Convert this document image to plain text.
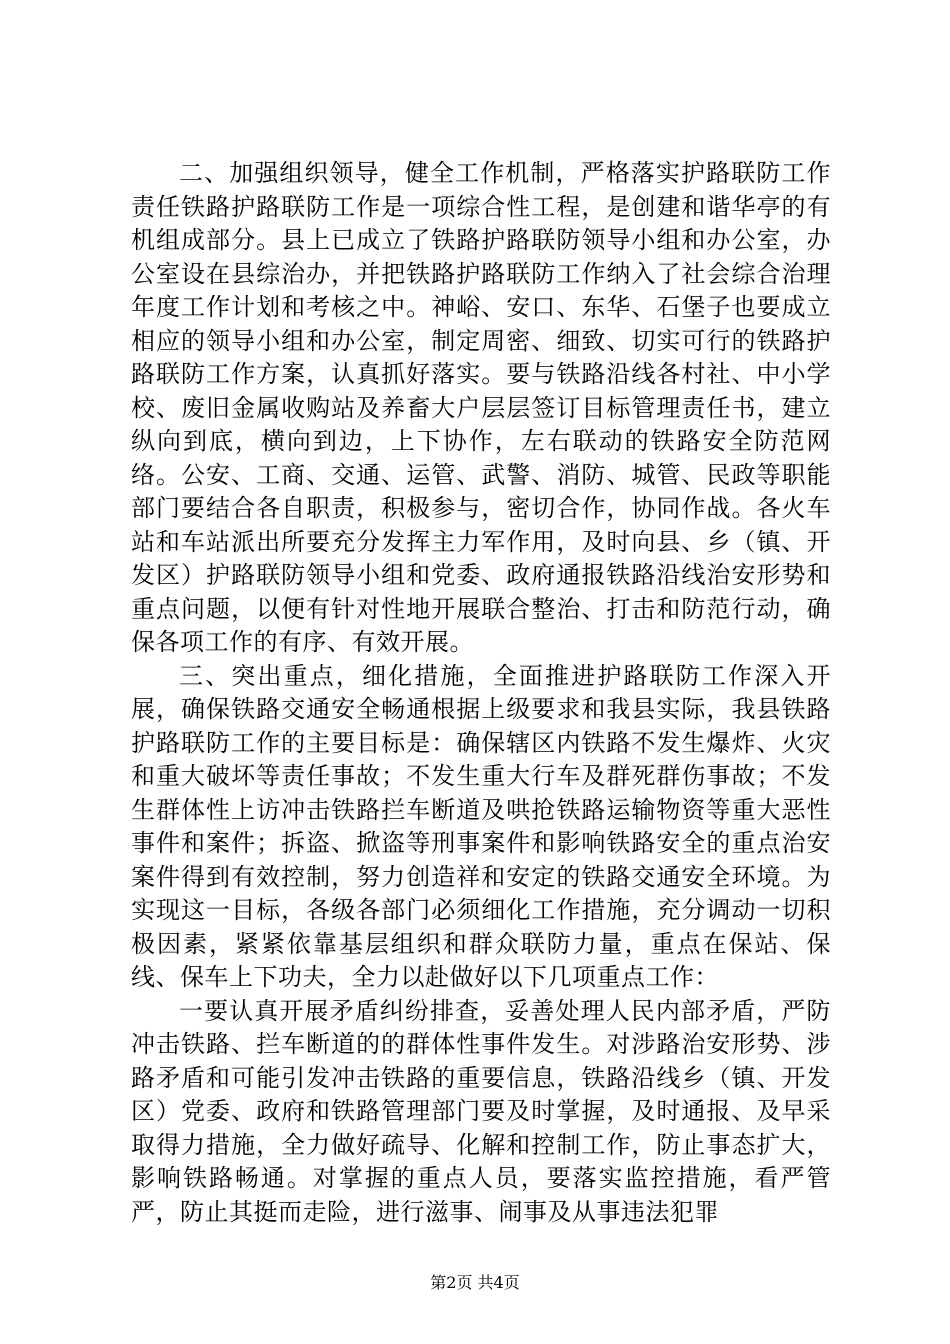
二、加强组织领导，健全工作机制，严格落实护路联防工作责任铁路护路联防工作是一项综合性工程，是创建和谐华亭的有机组成部分。县上已成立了铁路护路联防领导小组和办公室，办公室设在县综治办，并把铁路护路联防工作纳入了社会综合治理年度工作计划和考核之中。神峪、安口、东华、石堡子也要成立相应的领导小组和办公室，制定周密、细致、切实可行的铁路护路联防工作方案，认真抓好落实。要与铁路沿线各村社、中小学校、废旧金属收购站及养畜大户层层签订目标管理责任书，建立纵向到底，横向到边，上下协作，左右联动的铁路安全防范网络。公安、工商、交通、运管、武警、消防、城管、民政等职能部门要结合各自职责，积极参与，密切合作，协同作战。各火车站和车站派出所要充分发挥主力军作用，及时向县、乡（镇、开发区）护路联防领导小组和党委、政府通报铁路沿线治安形势和重点问题，以便有针对性地开展联合整治、打击和防范行动，确保各项工作的有序、有效开展。

三、突出重点，细化措施，全面推进护路联防工作深入开展，确保铁路交通安全畅通根据上级要求和我县实际，我县铁路护路联防工作的主要目标是：确保辖区内铁路不发生爆炸、火灾和重大破坏等责任事故；不发生重大行车及群死群伤事故；不发生群体性上访冲击铁路拦车断道及哄抢铁路运输物资等重大恶性事件和案件；拆盗、掀盗等刑事案件和影响铁路安全的重点治安案件得到有效控制，努力创造祥和安定的铁路交通安全环境。为实现这一目标，各级各部门必须细化工作措施，充分调动一切积极因素，紧紧依靠基层组织和群众联防力量，重点在保站、保线、保车上下功夫，全力以赴做好以下几项重点工作：

一要认真开展矛盾纠纷排查，妥善处理人民内部矛盾，严防冲击铁路、拦车断道的的群体性事件发生。对涉路治安形势、涉路矛盾和可能引发冲击铁路的重要信息，铁路沿线乡（镇、开发区）党委、政府和铁路管理部门要及时掌握，及时通报、及早采取得力措施，全力做好疏导、化解和控制工作，防止事态扩大，影响铁路畅通。对掌握的重点人员，要落实监控措施，看严管严，防止其挺而走险，进行滋事、闹事及从事违法犯罪

第2页 共4页
